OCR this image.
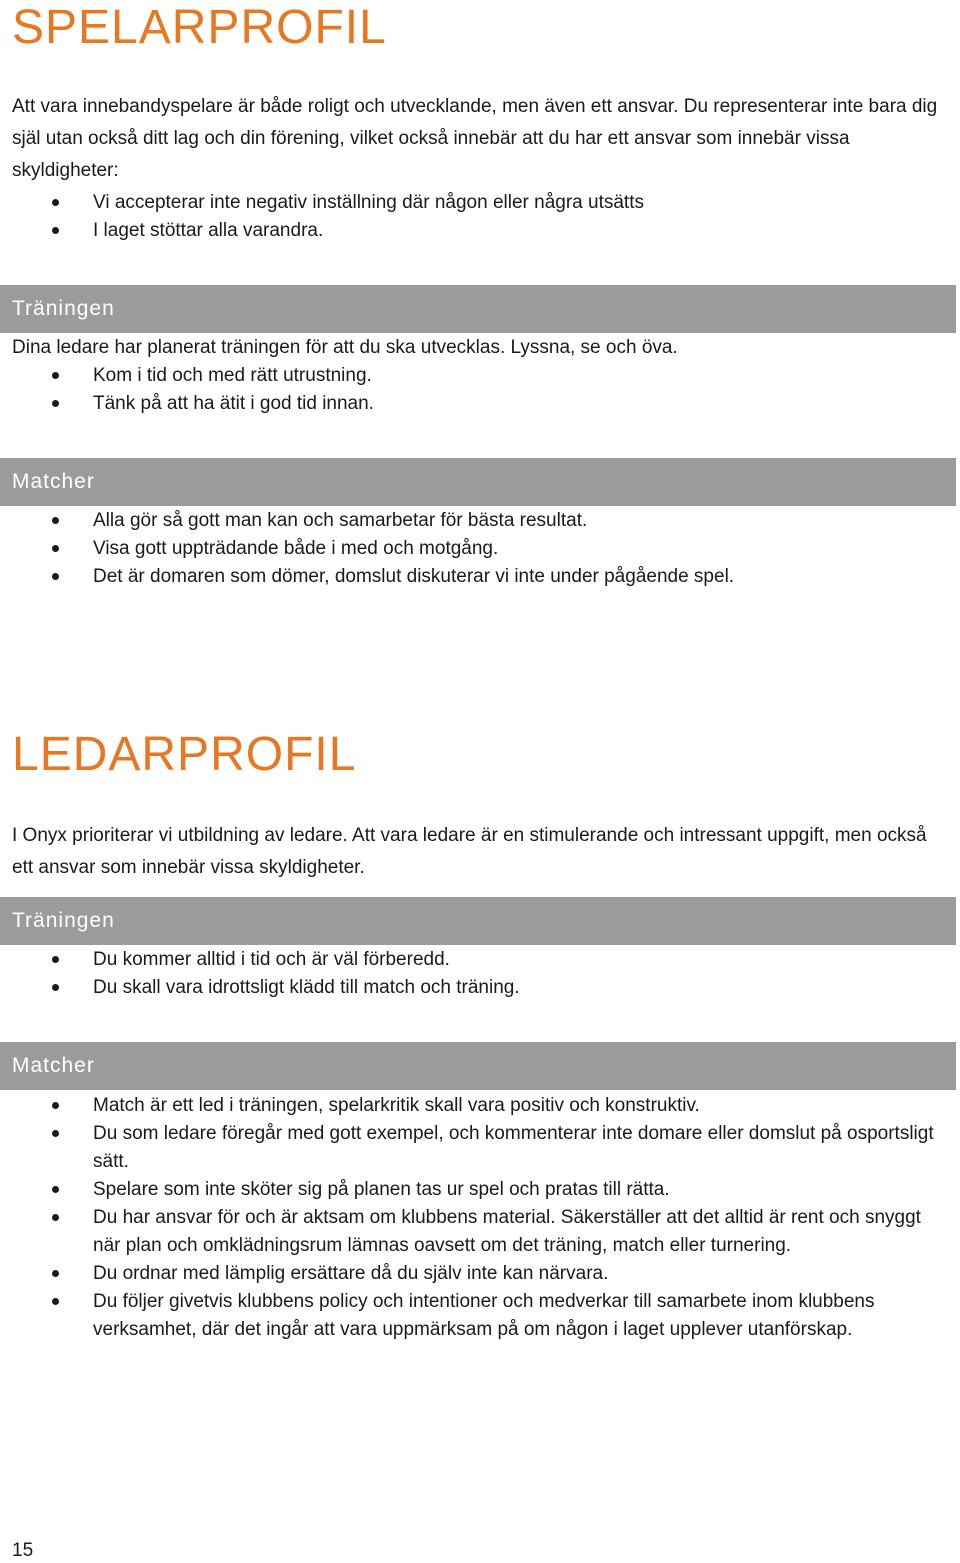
SPELARPROFIL

Att vara innebandyspelare är både roligt och utvecklande, men även ett ansvar. Du representerar inte bara dig själ utan också ditt lag och din förening, vilket också innebär att du har ett ansvar som innebär vissa skyldigheter:

Vi accepterar inte negativ inställning där någon eller några utsätts
I laget stöttar alla varandra.
Träningen

Dina ledare har planerat träningen för att du ska utvecklas. Lyssna, se och öva.

Kom i tid och med rätt utrustning.
Tänk på att ha ätit i god tid innan.
Matcher
Alla gör så gott man kan och samarbetar för bästa resultat.
Visa gott uppträdande både i med och motgång.
Det är domaren som dömer, domslut diskuterar vi inte under pågående spel.
LEDARPROFIL

I Onyx prioriterar vi utbildning av ledare. Att vara ledare är en stimulerande och intressant uppgift, men också ett ansvar som innebär vissa skyldigheter.

Träningen
Du kommer alltid i tid och är väl förberedd.
Du skall vara idrottsligt klädd till match och träning.
Matcher
Match är ett led i träningen, spelarkritik skall vara positiv och konstruktiv.
Du som ledare föregår med gott exempel, och kommenterar inte domare eller domslut på osportsligt sätt.
Spelare som inte sköter sig på planen tas ur spel och pratas till rätta.
Du har ansvar för och är aktsam om klubbens material. Säkerställer att det alltid är rent och snyggt när plan och omklädningsrum lämnas oavsett om det träning, match eller turnering.
Du ordnar med lämplig ersättare då du själv inte kan närvara.
Du följer givetvis klubbens policy och intentioner och medverkar till samarbete inom klubbens verksamhet, där det ingår att vara uppmärksam på om någon i laget upplever utanförskap.
15
